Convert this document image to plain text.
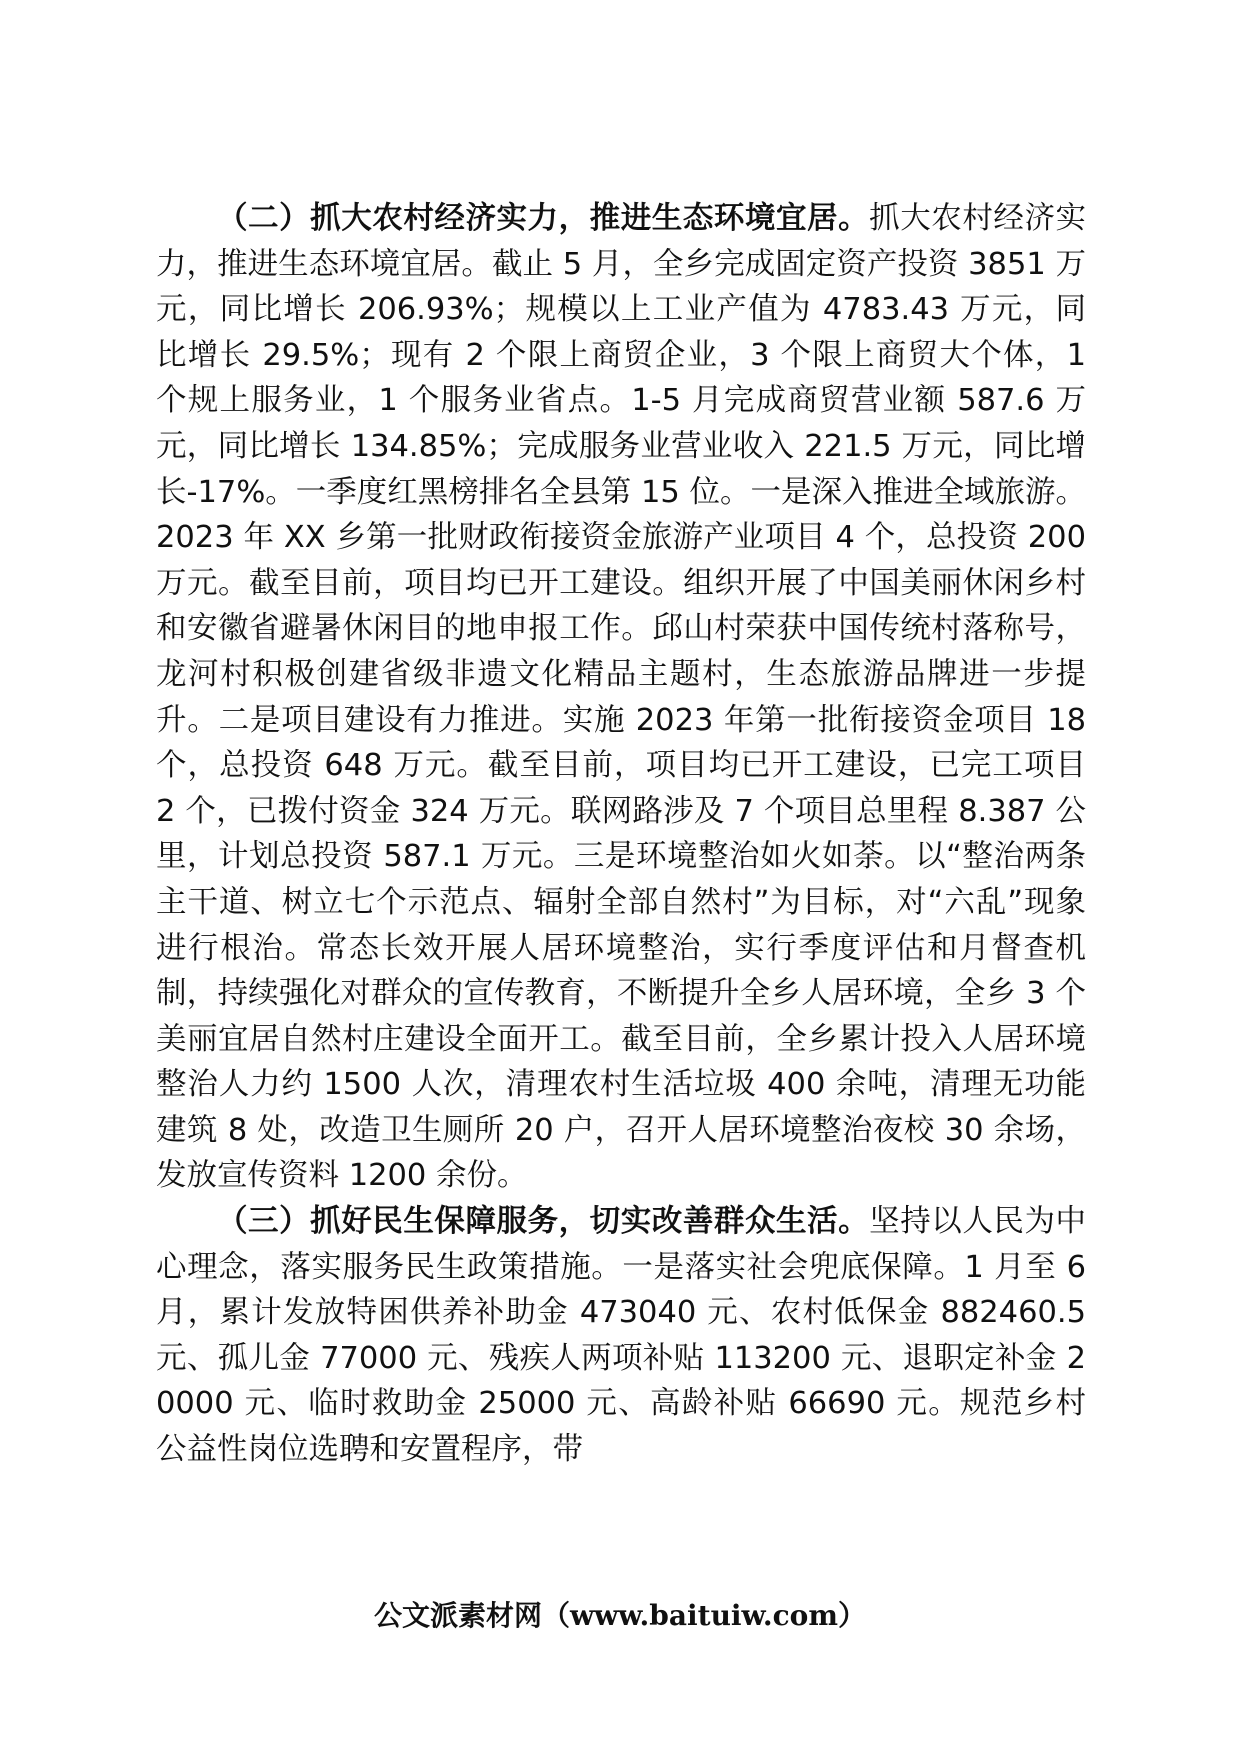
（二）抓大农村经济实力，推进生态环境宜居。抓大农村经济实力，推进生态环境宜居。截止 5 月，全乡完成固定资产投资 3851 万元，同比增长 206.93%；规模以上工业产值为 4783.43 万元，同比增长 29.5%；现有 2 个限上商贸企业，3 个限上商贸大个体，1 个规上服务业，1 个服务业省点。1-5 月完成商贸营业额 587.6 万元，同比增长 134.85%；完成服务业营业收入 221.5 万元，同比增长-17%。一季度红黑榜排名全县第 15 位。一是深入推进全域旅游。2023 年 XX 乡第一批财政衔接资金旅游产业项目 4 个，总投资 200 万元。截至目前，项目均已开工建设。组织开展了中国美丽休闲乡村和安徽省避暑休闲目的地申报工作。邱山村荣获中国传统村落称号，龙河村积极创建省级非遗文化精品主题村，生态旅游品牌进一步提升。二是项目建设有力推进。实施 2023 年第一批衔接资金项目 18 个，总投资 648 万元。截至目前，项目均已开工建设，已完工项目 2 个，已拨付资金 324 万元。联网路涉及 7 个项目总里程 8.387 公里，计划总投资 587.1 万元。三是环境整治如火如荼。以“整治两条主干道、树立七个示范点、辐射全部自然村”为目标，对“六乱”现象进行根治。常态长效开展人居环境整治，实行季度评估和月督查机制，持续强化对群众的宣传教育，不断提升全乡人居环境，全乡 3 个美丽宜居自然村庄建设全面开工。截至目前，全乡累计投入人居环境整治人力约 1500 人次，清理农村生活垃圾 400 余吨，清理无功能建筑 8 处，改造卫生厕所 20 户，召开人居环境整治夜校 30 余场，发放宣传资料 1200 余份。

（三）抓好民生保障服务，切实改善群众生活。坚持以人民为中心理念，落实服务民生政策措施。一是落实社会兜底保障。1 月至 6 月，累计发放特困供养补助金 473040 元、农村低保金 882460.5 元、孤儿金 77000 元、残疾人两项补贴 113200 元、退职定补金 20000 元、临时救助金 25000 元、高龄补贴 66690 元。规范乡村公益性岗位选聘和安置程序，带

公文派素材网（www.baituiw.com）
